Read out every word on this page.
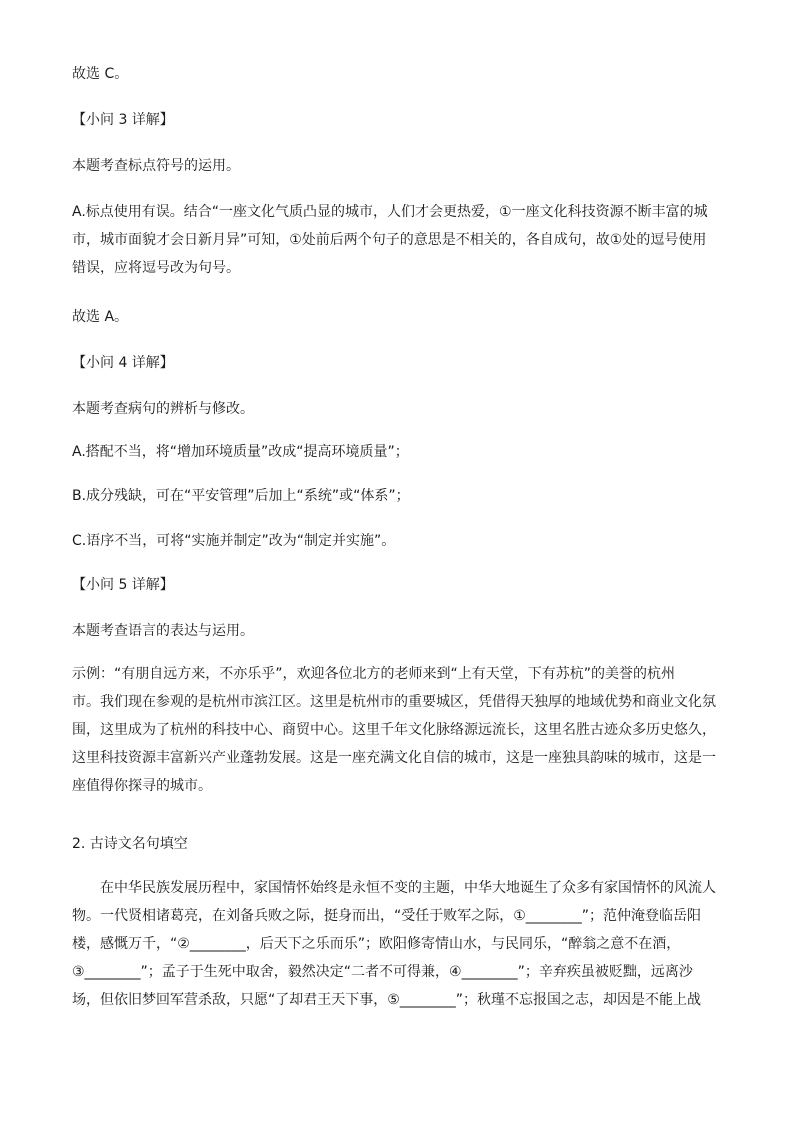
故选 C。

【小问 3 详解】

本题考查标点符号的运用。

A.标点使用有误。结合“一座文化气质凸显的城市，人们才会更热爱，①一座文化科技资源不断丰富的城
市，城市面貌才会日新月异”可知，①处前后两个句子的意思是不相关的，各自成句，故①处的逗号使用
错误，应将逗号改为句号。

故选 A。

【小问 4 详解】

本题考查病句的辨析与修改。

A.搭配不当，将“增加环境质量”改成“提高环境质量”；

B.成分残缺，可在“平安管理”后加上“系统”或“体系”；

C.语序不当，可将“实施并制定”改为“制定并实施”。

【小问 5 详解】

本题考查语言的表达与运用。

示例：“有朋自远方来，不亦乐乎”，欢迎各位北方的老师来到“上有天堂，下有苏杭”的美誉的杭州
市。我们现在参观的是杭州市滨江区。这里是杭州市的重要城区，凭借得天独厚的地域优势和商业文化氛
围，这里成为了杭州的科技中心、商贸中心。这里千年文化脉络源远流长，这里名胜古迹众多历史悠久，
这里科技资源丰富新兴产业蓬勃发展。这是一座充满文化自信的城市，这是一座独具韵味的城市，这是一
座值得你探寻的城市。

2. 古诗文名句填空

在中华民族发展历程中，家国情怀始终是永恒不变的主题，中华大地诞生了众多有家国情怀的风流人
物。一代贤相诸葛亮，在刘备兵败之际，挺身而出，“受任于败军之际，①________”；范仲淹登临岳阳
楼，感慨万千，“②________，后天下之乐而乐”；欧阳修寄情山水，与民同乐，“醉翁之意不在酒，
③________”；孟子于生死中取舍，毅然决定“二者不可得兼，④________”；辛弃疾虽被贬黜，远离沙
场，但依旧梦回军营杀敌，只愿“了却君王天下事，⑤________”；秋瑾不忘报国之志，却因是不能上战
